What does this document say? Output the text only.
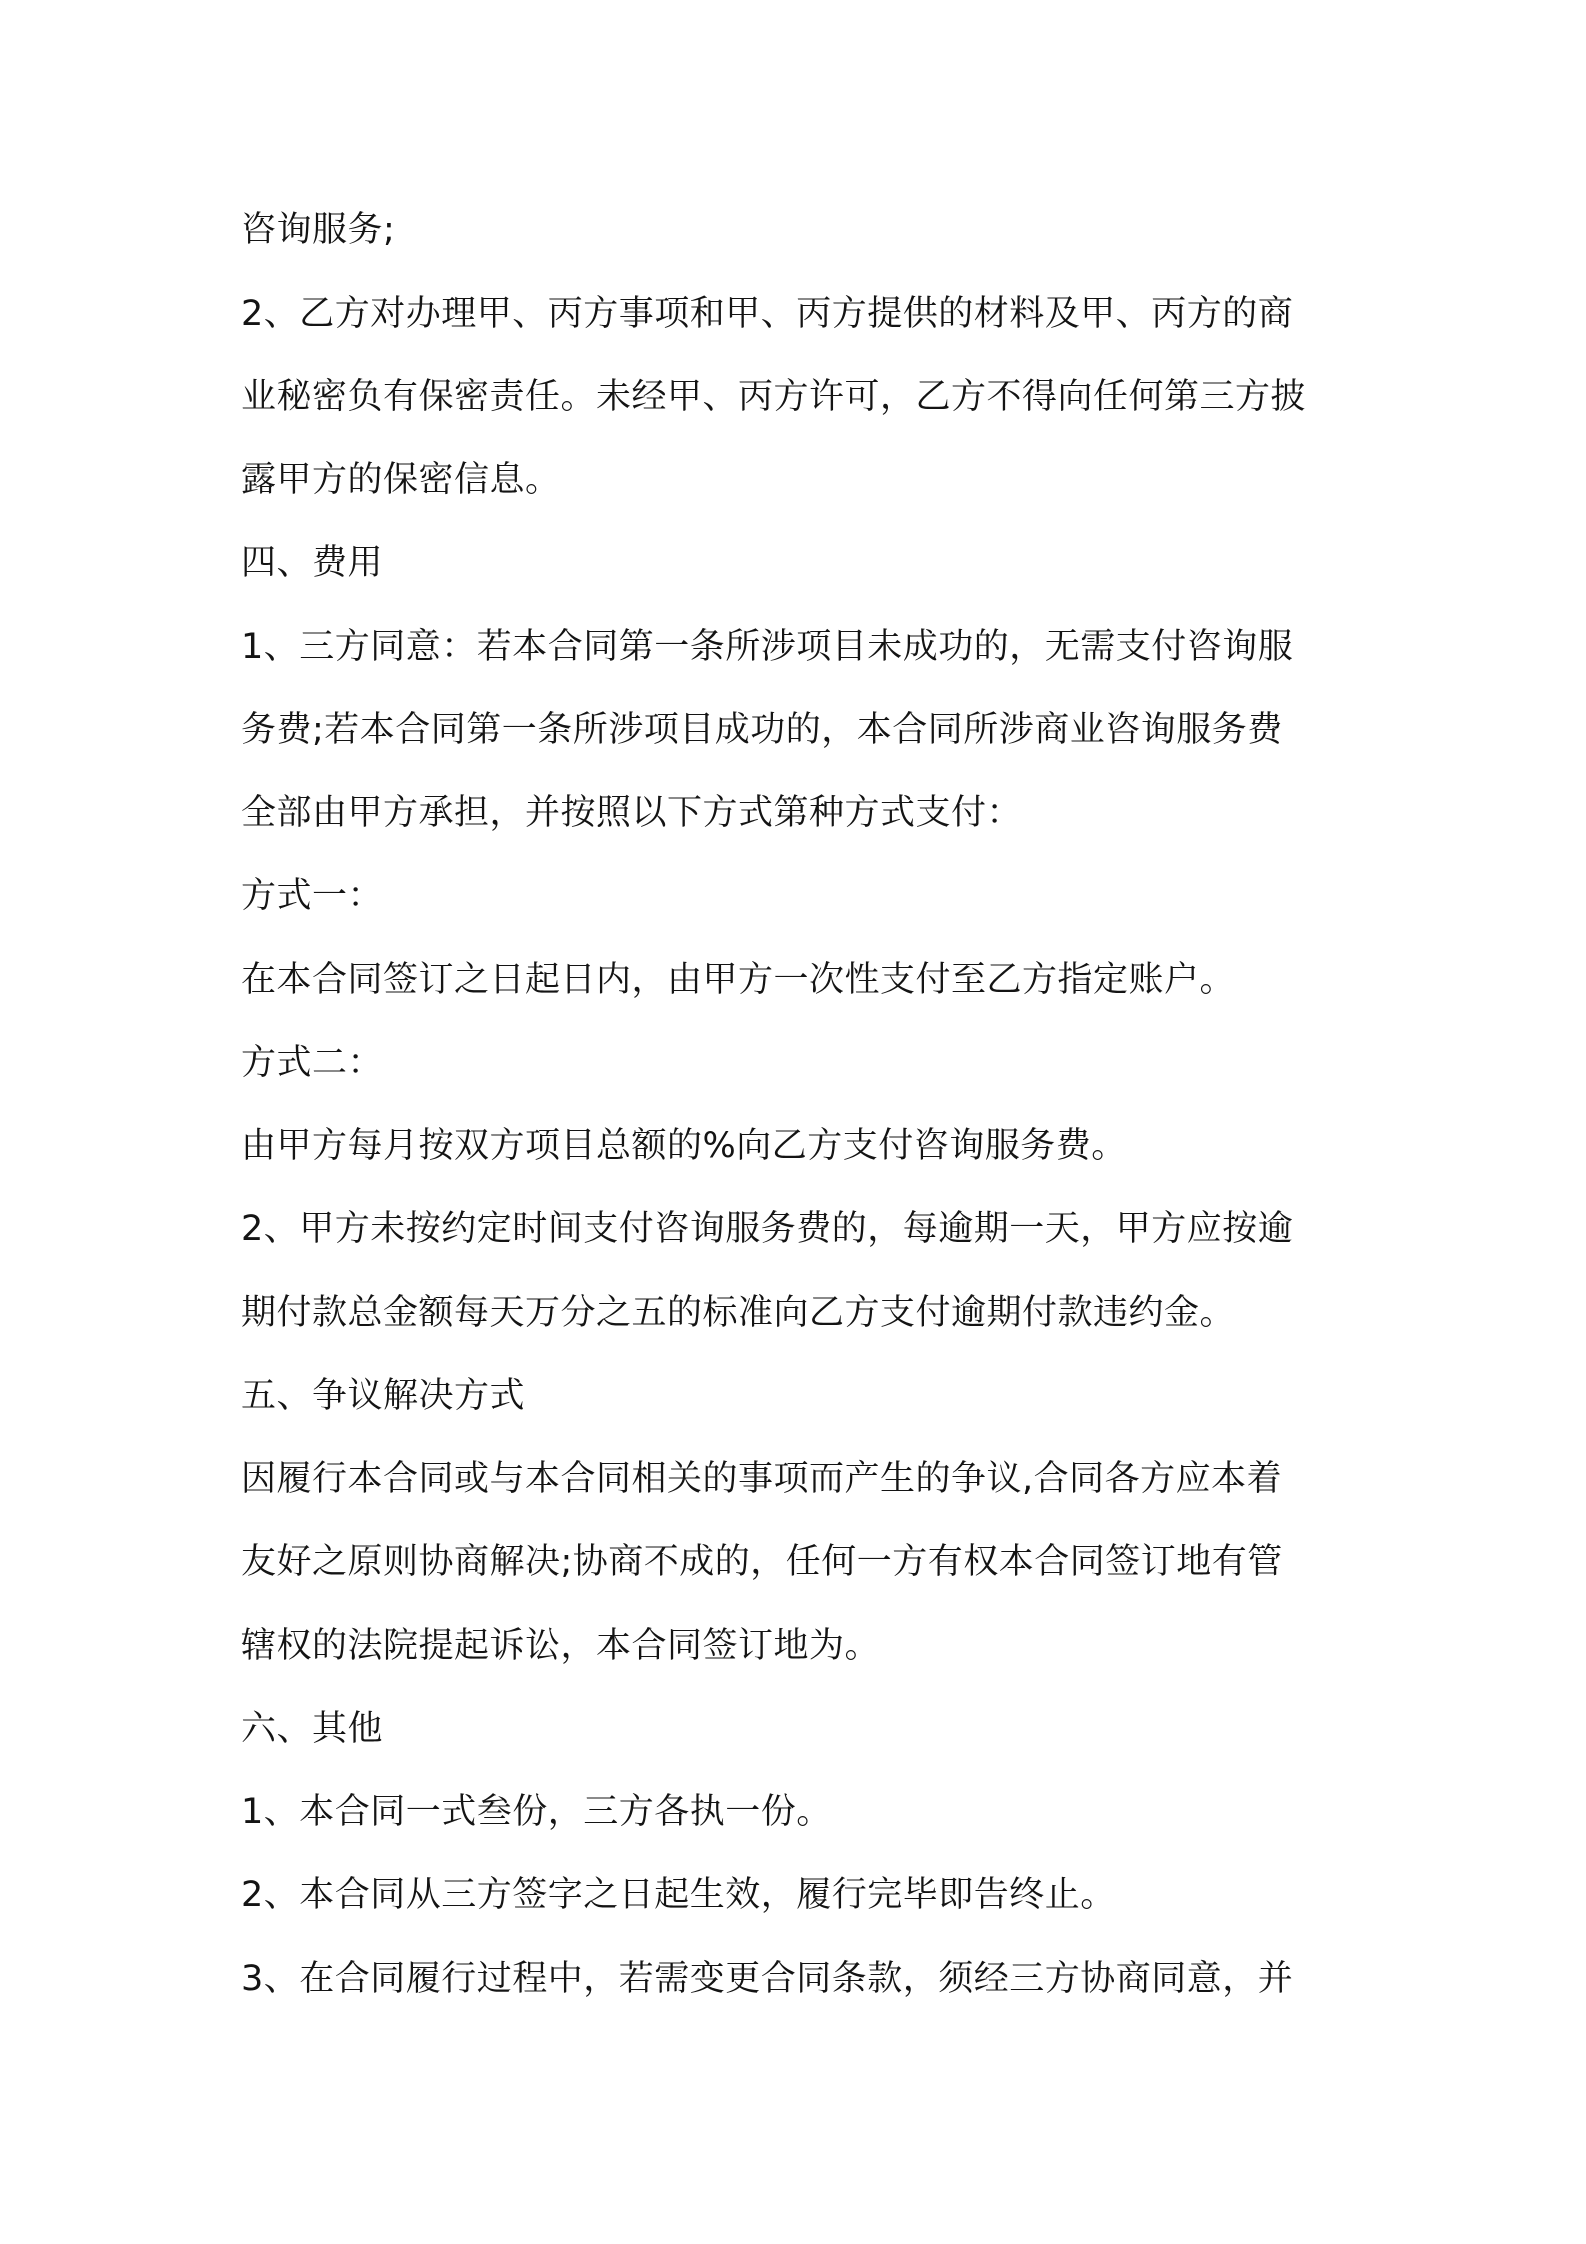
咨询服务;

2、乙方对办理甲、丙方事项和甲、丙方提供的材料及甲、丙方的商

业秘密负有保密责任。未经甲、丙方许可，乙方不得向任何第三方披

露甲方的保密信息。

四、费用

1、三方同意：若本合同第一条所涉项目未成功的，无需支付咨询服

务费;若本合同第一条所涉项目成功的，本合同所涉商业咨询服务费

全部由甲方承担，并按照以下方式第种方式支付：

方式一：

在本合同签订之日起日内，由甲方一次性支付至乙方指定账户。

方式二：

由甲方每月按双方项目总额的%向乙方支付咨询服务费。

2、甲方未按约定时间支付咨询服务费的，每逾期一天，甲方应按逾

期付款总金额每天万分之五的标准向乙方支付逾期付款违约金。

五、争议解决方式

因履行本合同或与本合同相关的事项而产生的争议,合同各方应本着

友好之原则协商解决;协商不成的，任何一方有权本合同签订地有管

辖权的法院提起诉讼，本合同签订地为。

六、其他

1、本合同一式叁份，三方各执一份。

2、本合同从三方签字之日起生效，履行完毕即告终止。

3、在合同履行过程中，若需变更合同条款，须经三方协商同意，并
